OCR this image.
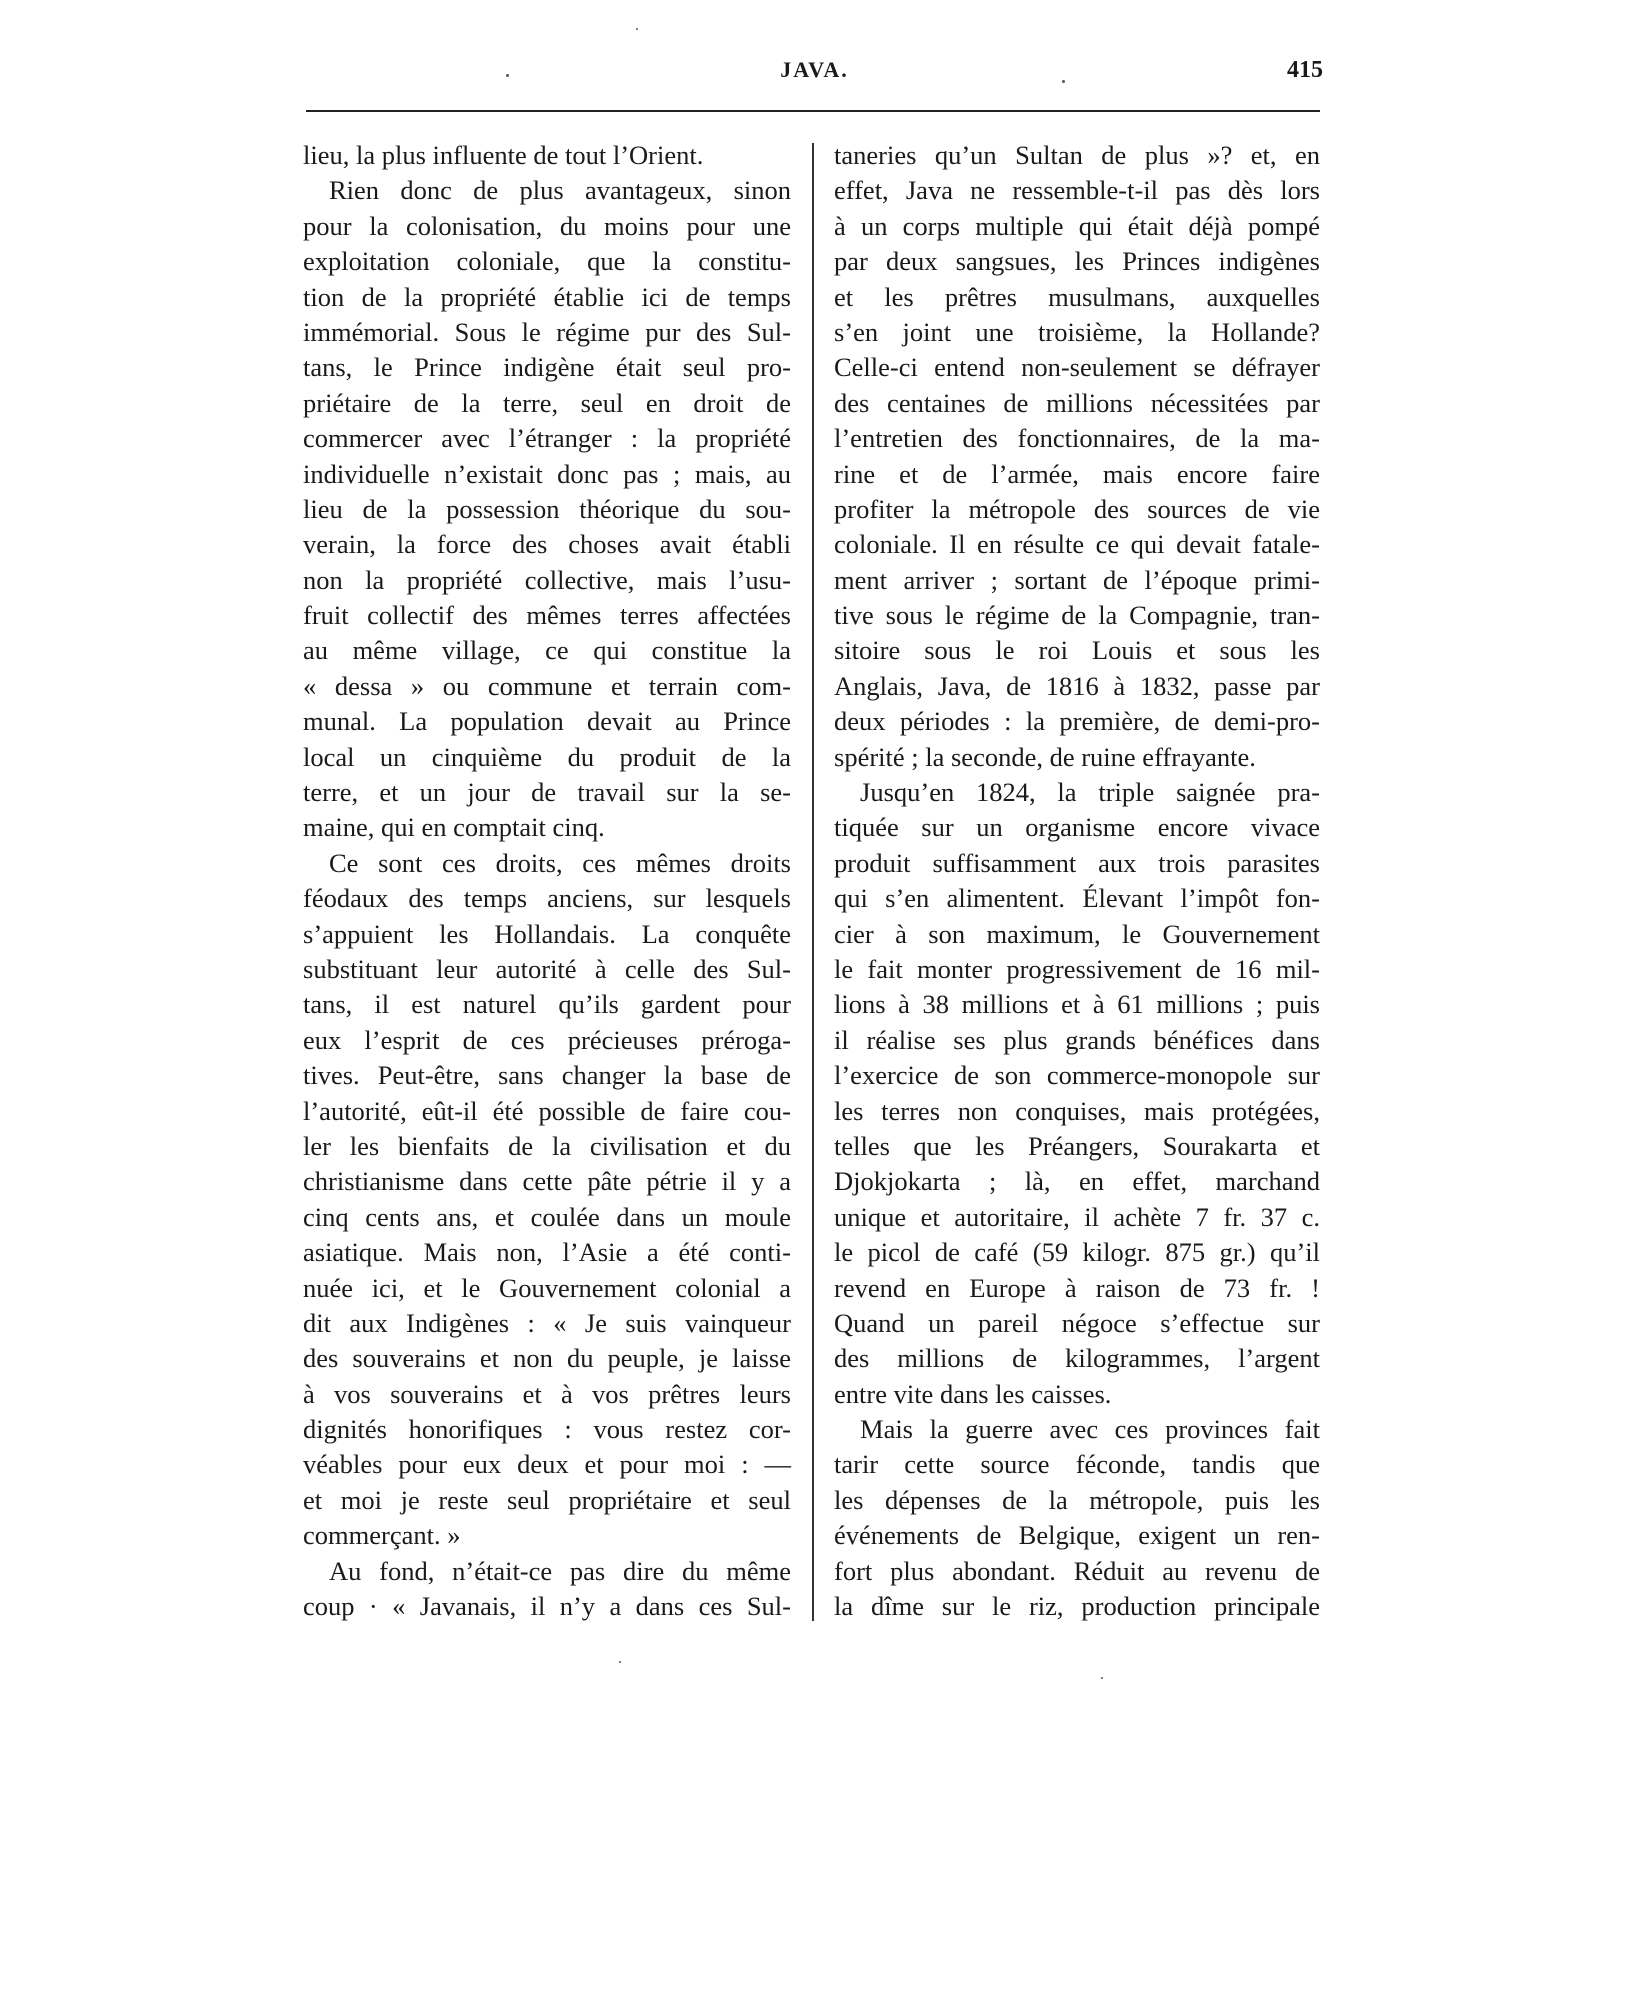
JAVA.	415
lieu, la plus influente de tout l’Orient.
Rien donc de plus avantageux, sinon
pour la colonisation, du moins pour une
exploitation coloniale, que la constitu-
tion de la propriété établie ici de temps
immémorial. Sous le régime pur des Sul-
tans, le Prince indigène était seul pro-
priétaire de la terre, seul en droit de
commercer avec l’étranger : la propriété
individuelle n’existait donc pas ; mais, au
lieu de la possession théorique du sou-
verain, la force des choses avait établi
non la propriété collective, mais l’usu-
fruit collectif des mêmes terres affectées
au même village, ce qui constitue la
« dessa » ou commune et terrain com-
munal. La population devait au Prince
local un cinquième du produit de la
terre, et un jour de travail sur la se-
maine, qui en comptait cinq.
Ce sont ces droits, ces mêmes droits
féodaux des temps anciens, sur lesquels
s’appuient les Hollandais. La conquête
substituant leur autorité à celle des Sul-
tans, il est naturel qu’ils gardent pour
eux l’esprit de ces précieuses préroga-
tives. Peut-être, sans changer la base de
l’autorité, eût-il été possible de faire cou-
ler les bienfaits de la civilisation et du
christianisme dans cette pâte pétrie il y a
cinq cents ans, et coulée dans un moule
asiatique. Mais non, l’Asie a été conti-
nuée ici, et le Gouvernement colonial a
dit aux Indigènes : « Je suis vainqueur
des souverains et non du peuple, je laisse
à vos souverains et à vos prêtres leurs
dignités honorifiques : vous restez cor-
véables pour eux deux et pour moi : —
et moi je reste seul propriétaire et seul
commerçant. »
Au fond, n’était-ce pas dire du même
coup · « Javanais, il n’y a dans ces Sul-
taneries qu’un Sultan de plus »? et, en
effet, Java ne ressemble-t-il pas dès lors
à un corps multiple qui était déjà pompé
par deux sangsues, les Princes indigènes
et les prêtres musulmans, auxquelles
s’en joint une troisième, la Hollande?
Celle-ci entend non-seulement se défrayer
des centaines de millions nécessitées par
l’entretien des fonctionnaires, de la ma-
rine et de l’armée, mais encore faire
profiter la métropole des sources de vie
coloniale. Il en résulte ce qui devait fatale-
ment arriver ; sortant de l’époque primi-
tive sous le régime de la Compagnie, tran-
sitoire sous le roi Louis et sous les
Anglais, Java, de 1816 à 1832, passe par
deux périodes : la première, de demi-pro-
spérité ; la seconde, de ruine effrayante.
Jusqu’en 1824, la triple saignée pra-
tiquée sur un organisme encore vivace
produit suffisamment aux trois parasites
qui s’en alimentent. Élevant l’impôt fon-
cier à son maximum, le Gouvernement
le fait monter progressivement de 16 mil-
lions à 38 millions et à 61 millions ; puis
il réalise ses plus grands bénéfices dans
l’exercice de son commerce-monopole sur
les terres non conquises, mais protégées,
telles que les Préangers, Sourakarta et
Djokjokarta ; là, en effet, marchand
unique et autoritaire, il achète 7 fr. 37 c.
le picol de café (59 kilogr. 875 gr.) qu’il
revend en Europe à raison de 73 fr. !
Quand un pareil négoce s’effectue sur
des millions de kilogrammes, l’argent
entre vite dans les caisses.
Mais la guerre avec ces provinces fait
tarir cette source féconde, tandis que
les dépenses de la métropole, puis les
événements de Belgique, exigent un ren-
fort plus abondant. Réduit au revenu de
la dîme sur le riz, production principale
